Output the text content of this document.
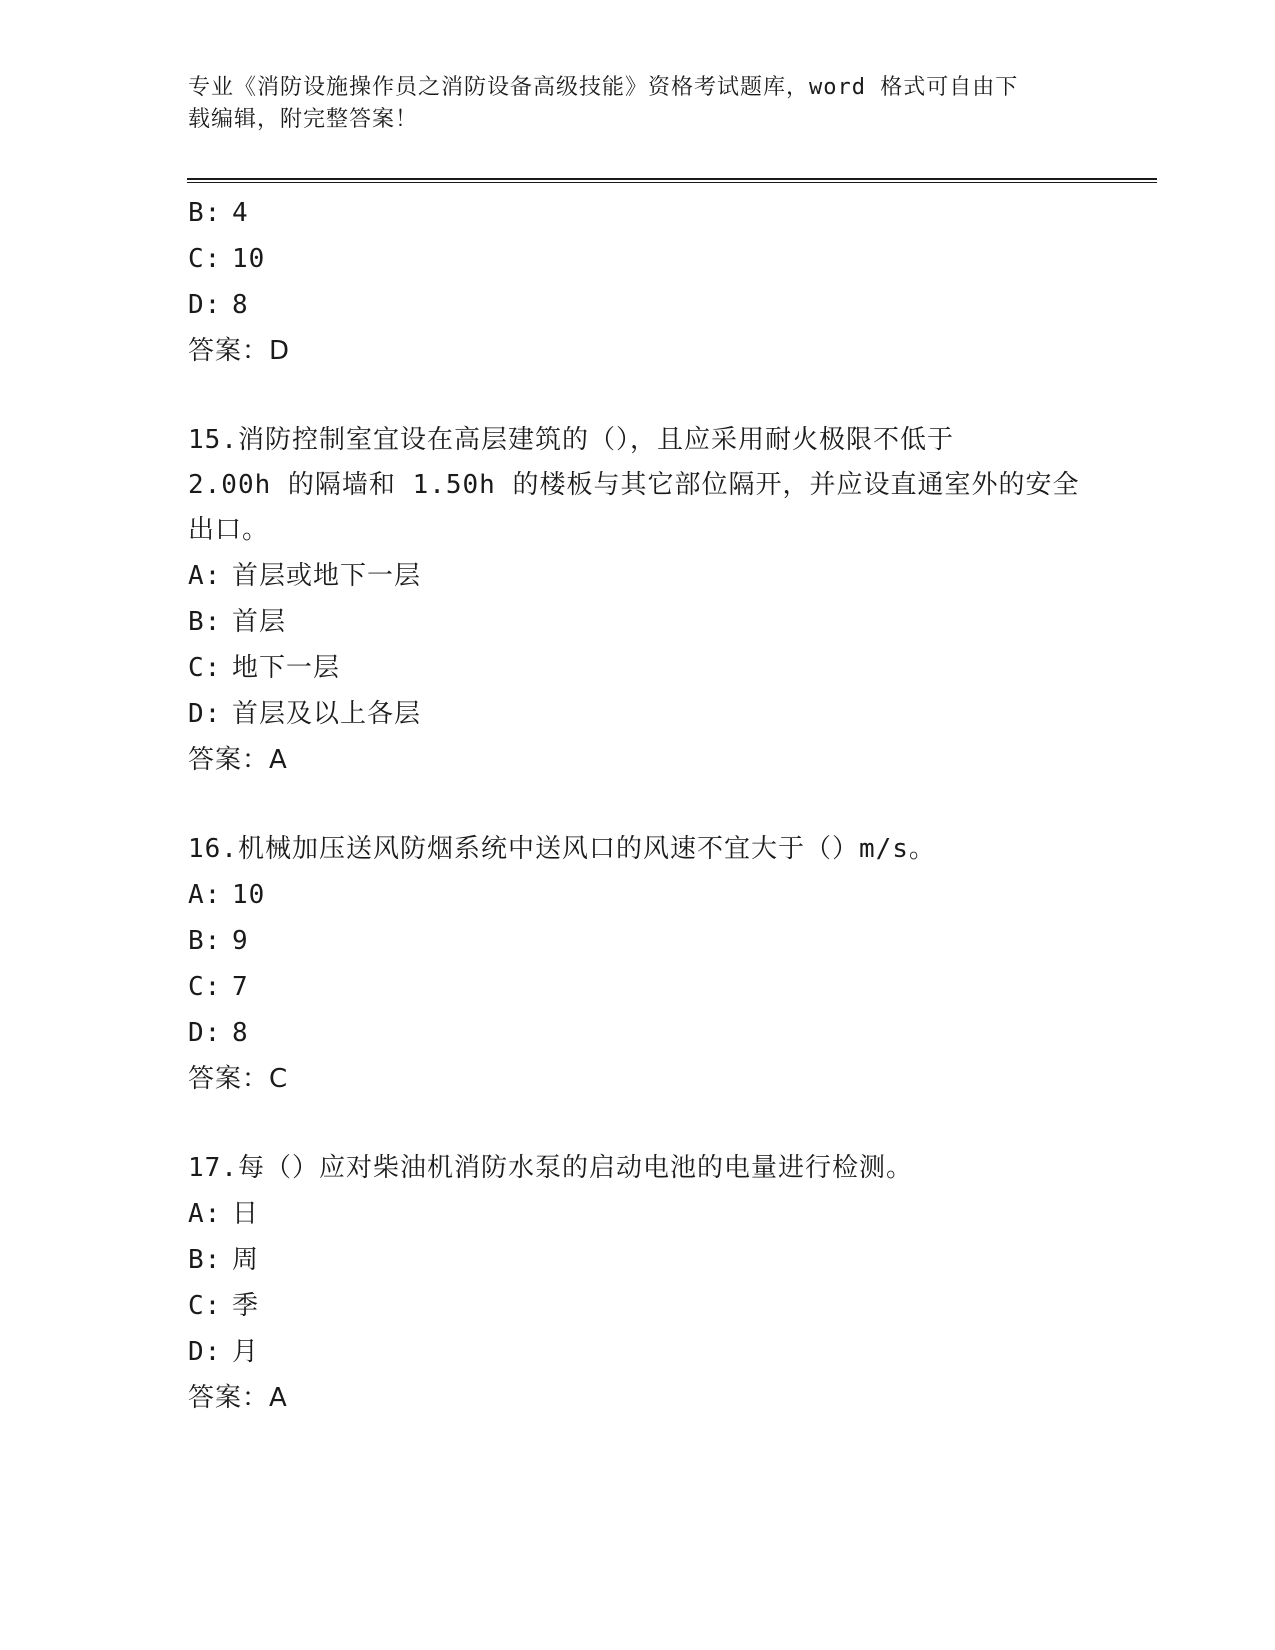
专业《消防设施操作员之消防设备高级技能》资格考试题库，word 格式可自由下
载编辑，附完整答案！
B: 4
C: 10
D: 8
答案：D
15.消防控制室宜设在高层建筑的（），且应采用耐火极限不低于
2.00h 的隔墙和 1.50h 的楼板与其它部位隔开，并应设直通室外的安全
出口。
A: 首层或地下一层
B: 首层
C: 地下一层
D: 首层及以上各层
答案：A
16.机械加压送风防烟系统中送风口的风速不宜大于（）m/s。
A: 10
B: 9
C: 7
D: 8
答案：C
17.每（）应对柴油机消防水泵的启动电池的电量进行检测。
A: 日
B: 周
C: 季
D: 月
答案：A
